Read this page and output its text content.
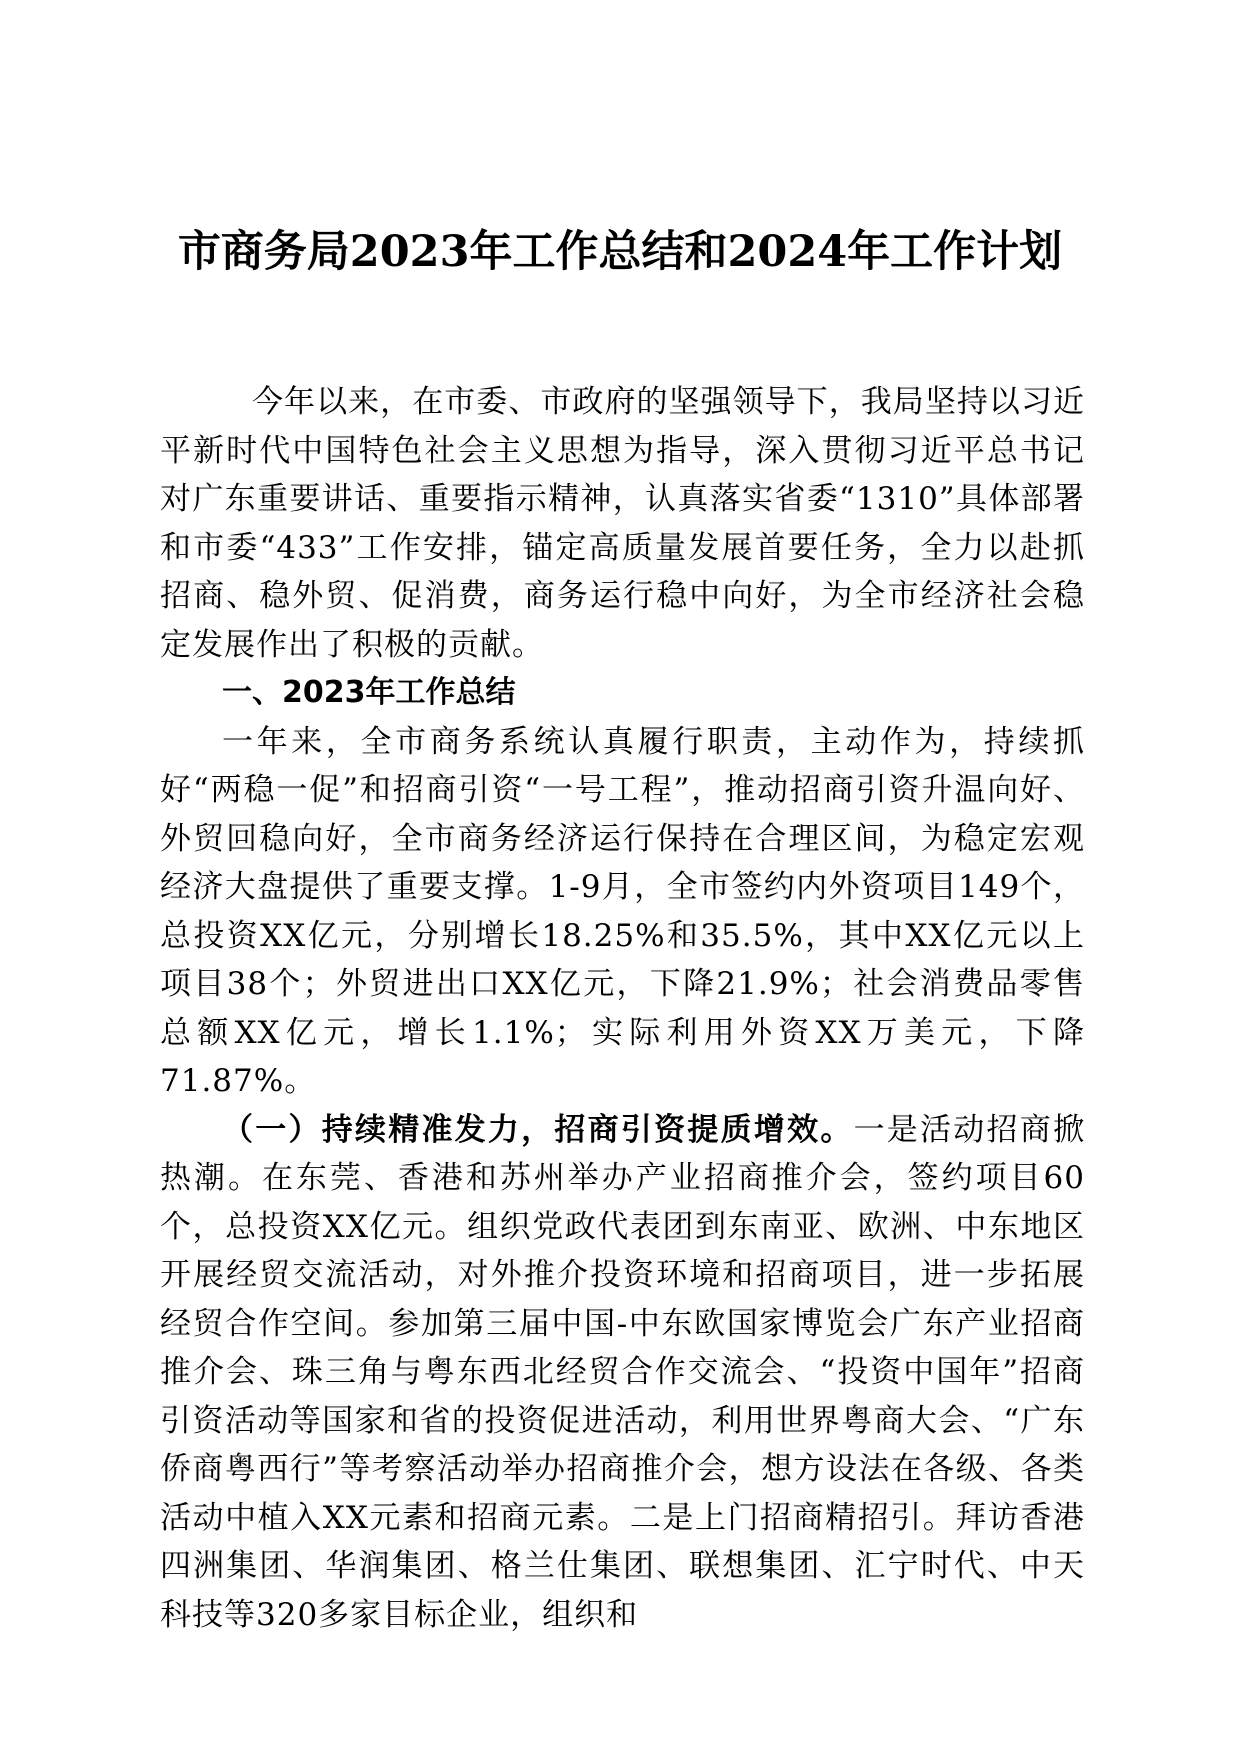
市商务局2023年工作总结和2024年工作计划

今年以来，在市委、市政府的坚强领导下，我局坚持以习近平新时代中国特色社会主义思想为指导，深入贯彻习近平总书记对广东重要讲话、重要指示精神，认真落实省委“1310”具体部署和市委“433”工作安排，锚定高质量发展首要任务，全力以赴抓招商、稳外贸、促消费，商务运行稳中向好，为全市经济社会稳定发展作出了积极的贡献。

一、2023年工作总结

一年来，全市商务系统认真履行职责，主动作为，持续抓好“两稳一促”和招商引资“一号工程”，推动招商引资升温向好、外贸回稳向好，全市商务经济运行保持在合理区间，为稳定宏观经济大盘提供了重要支撑。1-9月，全市签约内外资项目149个，总投资XX亿元，分别增长18.25%和35.5%，其中XX亿元以上项目38个；外贸进出口XX亿元，下降21.9%；社会消费品零售总额XX亿元，增长1.1%；实际利用外资XX万美元，下降71.87%。

（一）持续精准发力，招商引资提质增效。一是活动招商掀热潮。在东莞、香港和苏州举办产业招商推介会，签约项目60个，总投资XX亿元。组织党政代表团到东南亚、欧洲、中东地区开展经贸交流活动，对外推介投资环境和招商项目，进一步拓展经贸合作空间。参加第三届中国-中东欧国家博览会广东产业招商推介会、珠三角与粤东西北经贸合作交流会、“投资中国年”招商引资活动等国家和省的投资促进活动，利用世界粤商大会、“广东侨商粤西行”等考察活动举办招商推介会，想方设法在各级、各类活动中植入XX元素和招商元素。二是上门招商精招引。拜访香港四洲集团、华润集团、格兰仕集团、联想集团、汇宁时代、中天科技等320多家目标企业，组织和
